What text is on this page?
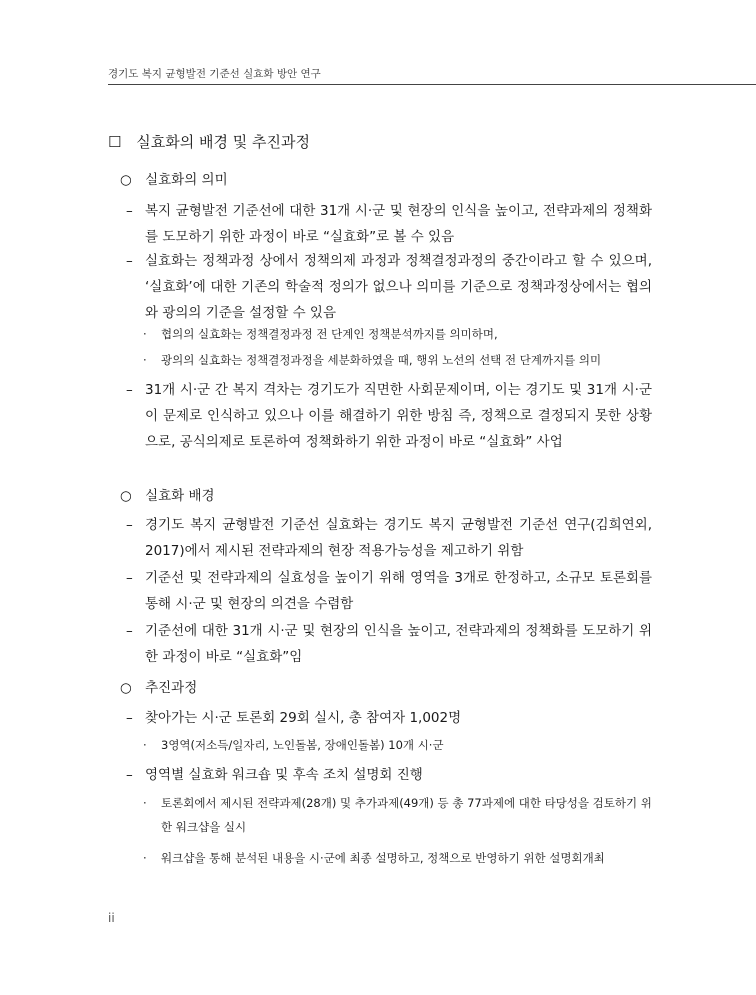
경기도 복지 균형발전 기준선 실효화 방안 연구
☐ 실효화의 배경 및 추진과정
○ 실효화의 의미
– 복지 균형발전 기준선에 대한 31개 시·군 및 현장의 인식을 높이고, 전략과제의 정책화를 도모하기 위한 과정이 바로 “실효화”로 볼 수 있음
– 실효화는 정책과정 상에서 정책의제 과정과 정책결정과정의 중간이라고 할 수 있으며, ‘실효화’에 대한 기존의 학술적 정의가 없으나 의미를 기준으로 정책과정상에서는 협의와 광의의 기준을 설정할 수 있음
· 협의의 실효화는 정책결정과정 전 단계인 정책분석까지를 의미하며,
· 광의의 실효화는 정책결정과정을 세분화하였을 때, 행위 노선의 선택 전 단계까지를 의미
– 31개 시·군 간 복지 격차는 경기도가 직면한 사회문제이며, 이는 경기도 및 31개 시·군이 문제로 인식하고 있으나 이를 해결하기 위한 방침 즉, 정책으로 결정되지 못한 상황으로, 공식의제로 토론하여 정책화하기 위한 과정이 바로 “실효화” 사업
○ 실효화 배경
– 경기도 복지 균형발전 기준선 실효화는 경기도 복지 균형발전 기준선 연구(김희연외, 2017)에서 제시된 전략과제의 현장 적용가능성을 제고하기 위함
– 기준선 및 전략과제의 실효성을 높이기 위해 영역을 3개로 한정하고, 소규모 토론회를 통해 시·군 및 현장의 의견을 수렴함
– 기준선에 대한 31개 시·군 및 현장의 인식을 높이고, 전략과제의 정책화를 도모하기 위한 과정이 바로 “실효화”임
○ 추진과정
– 찾아가는 시·군 토론회 29회 실시, 총 참여자 1,002명
· 3영역(저소득/일자리, 노인돌봄, 장애인돌봄) 10개 시·군
– 영역별 실효화 워크숍 및 후속 조치 설명회 진행
· 토론회에서 제시된 전략과제(28개) 및 추가과제(49개) 등 총 77과제에 대한 타당성을 검토하기 위한 워크샵을 실시
· 워크샵을 통해 분석된 내용을 시·군에 최종 설명하고, 정책으로 반영하기 위한 설명회개최
ii
